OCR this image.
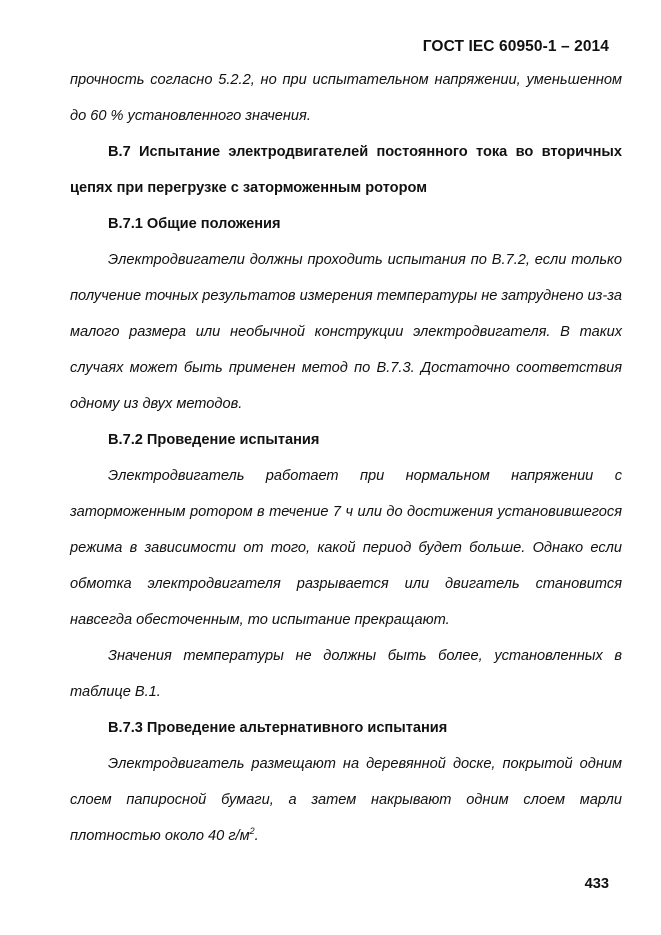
ГОСТ IEC 60950-1 – 2014

прочность согласно 5.2.2, но при испытательном напряжении, уменьшенном до 60 % установленного значения.

В.7 Испытание электродвигателей постоянного тока во вторичных цепях при перегрузке с заторможенным ротором

В.7.1 Общие положения

Электродвигатели должны проходить испытания по В.7.2, если только получение точных результатов измерения температуры не затруднено из-за малого размера или необычной конструкции электродвигателя. В таких случаях может быть применен метод по В.7.3. Достаточно соответствия одному из двух методов.

В.7.2 Проведение испытания

Электродвигатель работает при нормальном напряжении с заторможенным ротором в течение 7 ч или до достижения установившегося режима в зависимости от того, какой период будет больше. Однако если обмотка электродвигателя разрывается или двигатель становится навсегда обесточенным, то испытание прекращают.

Значения температуры не должны быть более, установленных в таблице В.1.

В.7.3 Проведение альтернативного испытания

Электродвигатель размещают на деревянной доске, покрытой одним слоем папиросной бумаги, а затем накрывают одним слоем марли плотностью около 40 $г/м^2$.

433
